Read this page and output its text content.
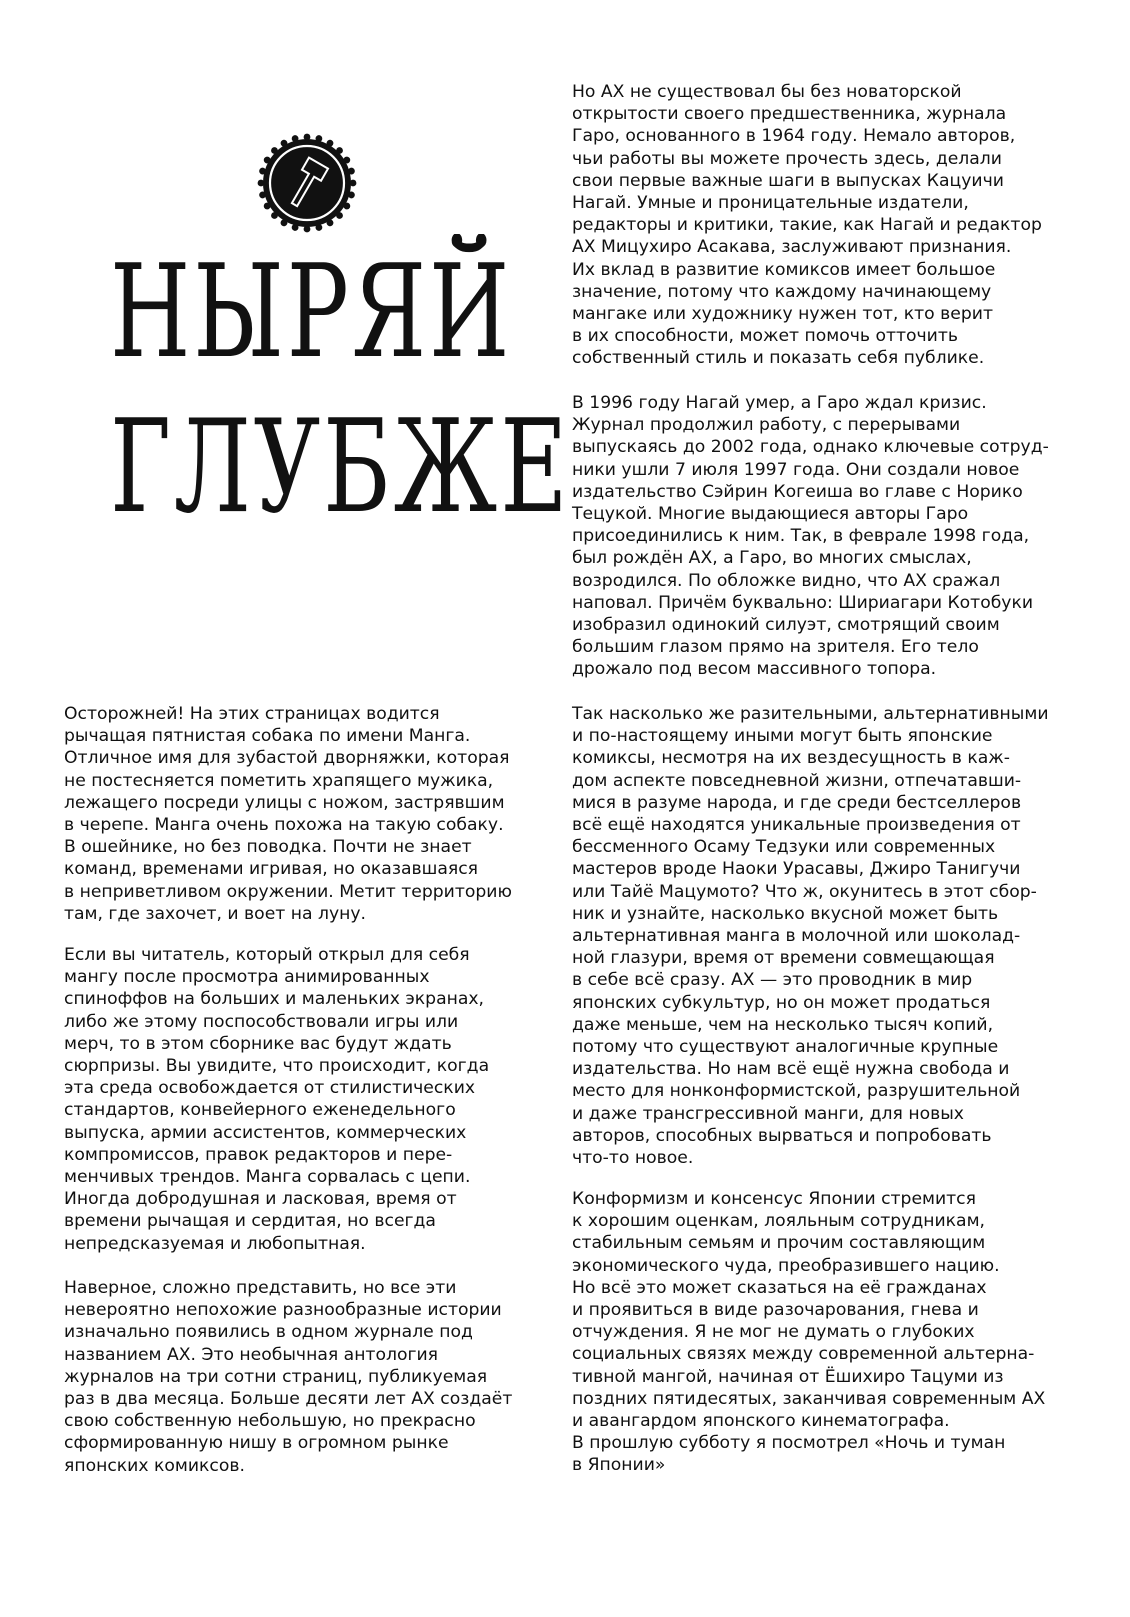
НЫРЯЙ
ГЛУБЖЕ
Но АХ не существовал бы без новаторской
открытости своего предшественника, журнала
Гаро, основанного в 1964 году. Немало авторов,
чьи работы вы можете прочесть здесь, делали
свои первые важные шаги в выпусках Кацуичи
Нагай. Умные и проницательные издатели,
редакторы и критики, такие, как Нагай и редактор
АХ Мицухиро Асакава, заслуживают признания.
Их вклад в развитие комиксов имеет большое
значение, потому что каждому начинающему
мангаке или художнику нужен тот, кто верит
в их способности, может помочь отточить
собственный стиль и показать себя публике.
В 1996 году Нагай умер, а Гаро ждал кризис.
Журнал продолжил работу, с перерывами
выпускаясь до 2002 года, однако ключевые сотруд-
ники ушли 7 июля 1997 года. Они создали новое
издательство Сэйрин Когеиша во главе с Норико
Тецукой. Многие выдающиеся авторы Гаро
присоединились к ним. Так, в феврале 1998 года,
был рождён АХ, а Гаро, во многих смыслах,
возродился. По обложке видно, что АХ сражал
наповал. Причём буквально: Шириагари Котобуки
изобразил одинокий силуэт, смотрящий своим
большим глазом прямо на зрителя. Его тело
дрожало под весом массивного топора.
Так насколько же разительными, альтернативными
и по-настоящему иными могут быть японские
комиксы, несмотря на их вездесущность в каж-
дом аспекте повседневной жизни, отпечатавши-
мися в разуме народа, и где среди бестселлеров
всё ещё находятся уникальные произведения от
бессменного Осаму Тедзуки или современных
мастеров вроде Наоки Урасавы, Джиро Танигучи
или Тайё Мацумото? Что ж, окунитесь в этот сбор-
ник и узнайте, насколько вкусной может быть
альтернативная манга в молочной или шоколад-
ной глазури, время от времени совмещающая
в себе всё сразу. АХ — это проводник в мир
японских субкультур, но он может продаться
даже меньше, чем на несколько тысяч копий,
потому что существуют аналогичные крупные
издательства. Но нам всё ещё нужна свобода и
место для нонконформистской, разрушительной
и даже трансгрессивной манги, для новых
авторов, способных вырваться и попробовать
что-то новое.
Конформизм и консенсус Японии стремится
к хорошим оценкам, лояльным сотрудникам,
стабильным семьям и прочим составляющим
экономического чуда, преобразившего нацию.
Но всё это может сказаться на её гражданах
и проявиться в виде разочарования, гнева и
отчуждения. Я не мог не думать о глубоких
социальных связях между современной альтерна-
тивной мангой, начиная от Ёшихиро Тацуми из
поздних пятидесятых, заканчивая современным АХ
и авангардом японского кинематографа.
В прошлую субботу я посмотрел «Ночь и туман
в Японии»
Осторожней! На этих страницах водится
рычащая пятнистая собака по имени Манга.
Отличное имя для зубастой дворняжки, которая
не постесняется пометить храпящего мужика,
лежащего посреди улицы с ножом, застрявшим
в черепе. Манга очень похожа на такую собаку.
В ошейнике, но без поводка. Почти не знает
команд, временами игривая, но оказавшаяся
в неприветливом окружении. Метит территорию
там, где захочет, и воет на луну.
Если вы читатель, который открыл для себя
мангу после просмотра анимированных
спиноффов на больших и маленьких экранах,
либо же этому поспособствовали игры или
мерч, то в этом сборнике вас будут ждать
сюрпризы. Вы увидите, что происходит, когда
эта среда освобождается от стилистических
стандартов, конвейерного еженедельного
выпуска, армии ассистентов, коммерческих
компромиссов, правок редакторов и пере-
менчивых трендов. Манга сорвалась с цепи.
Иногда добродушная и ласковая, время от
времени рычащая и сердитая, но всегда
непредсказуемая и любопытная.
Наверное, сложно представить, но все эти
невероятно непохожие разнообразные истории
изначально появились в одном журнале под
названием АХ. Это необычная антология
журналов на три сотни страниц, публикуемая
раз в два месяца. Больше десяти лет АХ создаёт
свою собственную небольшую, но прекрасно
сформированную нишу в огромном рынке
японских комиксов.
